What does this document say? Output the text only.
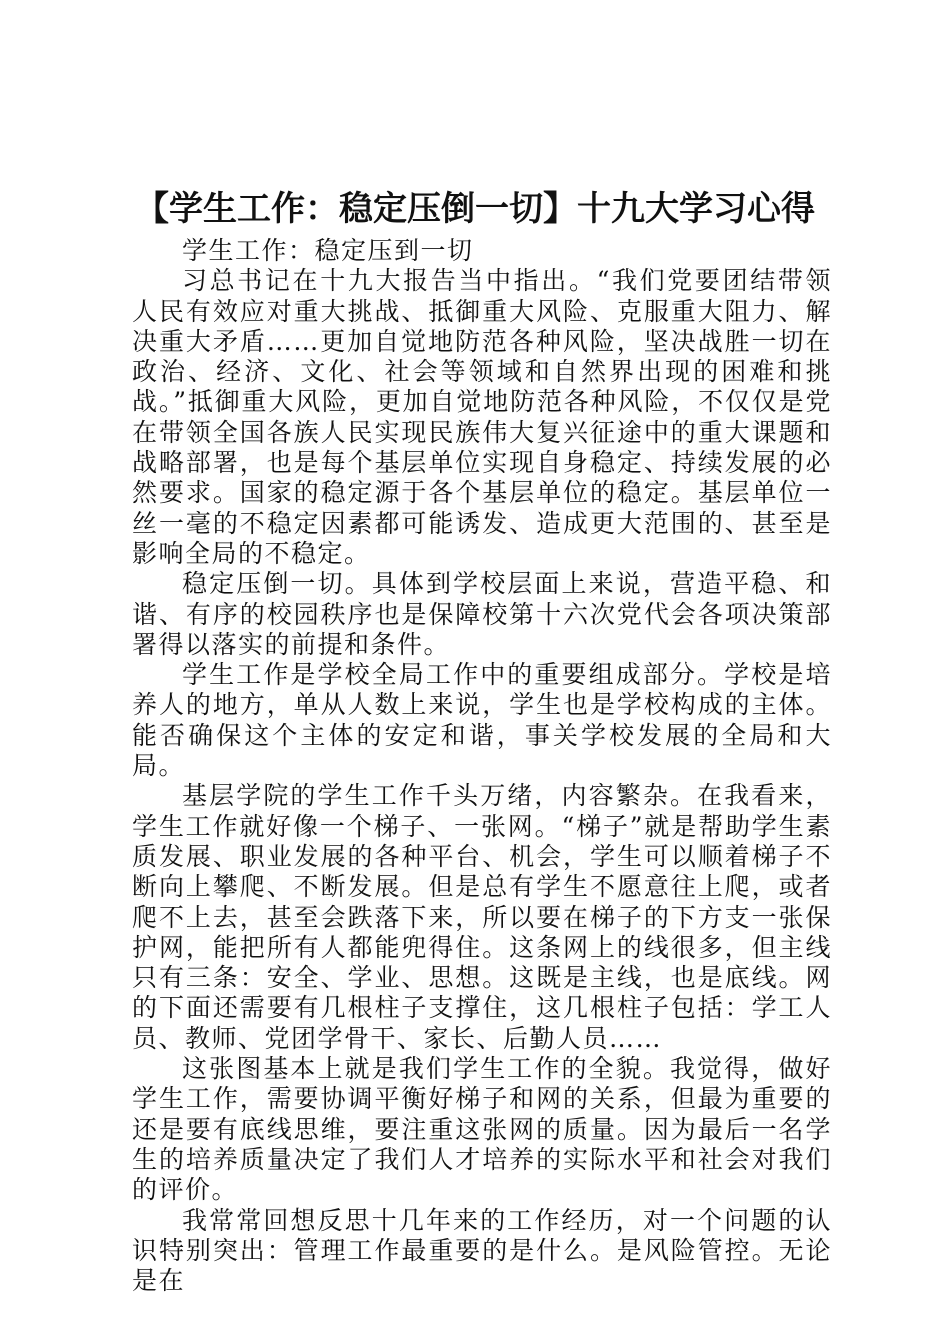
【学生工作：稳定压倒一切】十九大学习心得

学生工作：稳定压到一切

习总书记在十九大报告当中指出。“我们党要团结带领人民有效应对重大挑战、抵御重大风险、克服重大阻力、解决重大矛盾……更加自觉地防范各种风险，坚决战胜一切在政治、经济、文化、社会等领域和自然界出现的困难和挑战。”抵御重大风险，更加自觉地防范各种风险，不仅仅是党在带领全国各族人民实现民族伟大复兴征途中的重大课题和战略部署，也是每个基层单位实现自身稳定、持续发展的必然要求。国家的稳定源于各个基层单位的稳定。基层单位一丝一毫的不稳定因素都可能诱发、造成更大范围的、甚至是影响全局的不稳定。

稳定压倒一切。具体到学校层面上来说，营造平稳、和谐、有序的校园秩序也是保障校第十六次党代会各项决策部署得以落实的前提和条件。

学生工作是学校全局工作中的重要组成部分。学校是培养人的地方，单从人数上来说，学生也是学校构成的主体。能否确保这个主体的安定和谐，事关学校发展的全局和大局。

基层学院的学生工作千头万绪，内容繁杂。在我看来，学生工作就好像一个梯子、一张网。“梯子”就是帮助学生素质发展、职业发展的各种平台、机会，学生可以顺着梯子不断向上攀爬、不断发展。但是总有学生不愿意往上爬，或者爬不上去，甚至会跌落下来，所以要在梯子的下方支一张保护网，能把所有人都能兜得住。这条网上的线很多，但主线只有三条：安全、学业、思想。这既是主线，也是底线。网的下面还需要有几根柱子支撑住，这几根柱子包括：学工人员、教师、党团学骨干、家长、后勤人员……

这张图基本上就是我们学生工作的全貌。我觉得，做好学生工作，需要协调平衡好梯子和网的关系，但最为重要的还是要有底线思维，要注重这张网的质量。因为最后一名学生的培养质量决定了我们人才培养的实际水平和社会对我们的评价。

我常常回想反思十几年来的工作经历，对一个问题的认识特别突出：管理工作最重要的是什么。是风险管控。无论是在
